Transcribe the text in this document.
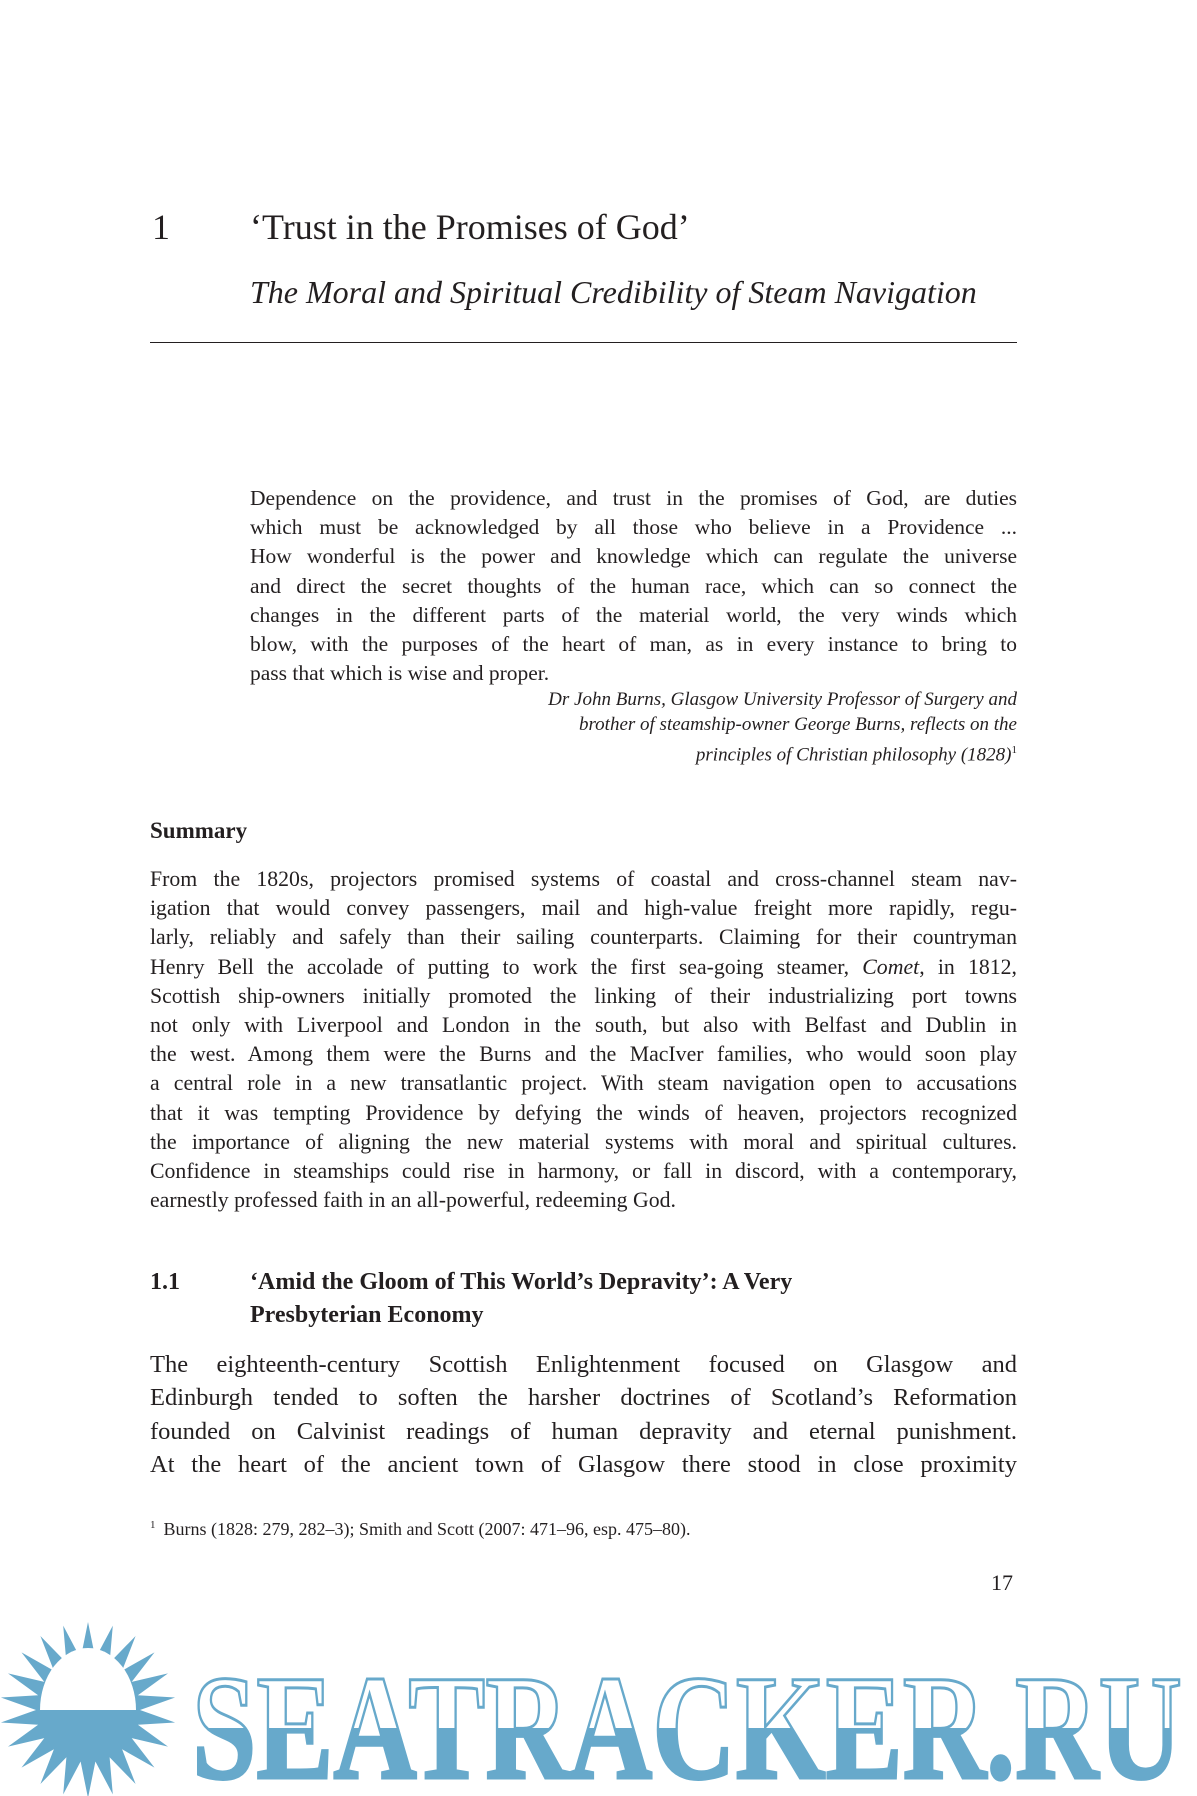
1 ‘Trust in the Promises of God’
The Moral and Spiritual Credibility of Steam Navigation
Dependence on the providence, and trust in the promises of God, are duties
which must be acknowledged by all those who believe in a Providence ...
How wonderful is the power and knowledge which can regulate the universe
and direct the secret thoughts of the human race, which can so connect the
changes in the different parts of the material world, the very winds which
blow, with the purposes of the heart of man, as in every instance to bring to
pass that which is wise and proper.
Dr John Burns, Glasgow University Professor of Surgery and
brother of steamship-owner George Burns, reflects on the
principles of Christian philosophy $(1828)^1$
Summary
From the 1820s, projectors promised systems of coastal and cross-channel steam nav-
igation that would convey passengers, mail and high-value freight more rapidly, regu-
larly, reliably and safely than their sailing counterparts. Claiming for their countryman
Henry Bell the accolade of putting to work the first sea-going steamer, Comet, in 1812,
Scottish ship-owners initially promoted the linking of their industrializing port towns
not only with Liverpool and London in the south, but also with Belfast and Dublin in
the west. Among them were the Burns and the MacIver families, who would soon play
a central role in a new transatlantic project. With steam navigation open to accusations
that it was tempting Providence by defying the winds of heaven, projectors recognized
the importance of aligning the new material systems with moral and spiritual cultures.
Confidence in steamships could rise in harmony, or fall in discord, with a contemporary,
earnestly professed faith in an all-powerful, redeeming God.
1.1	‘Amid the Gloom of This World’s Depravity’: A Very
Presbyterian Economy
The eighteenth-century Scottish Enlightenment focused on Glasgow and
Edinburgh tended to soften the harsher doctrines of Scotland’s Reformation
founded on Calvinist readings of human depravity and eternal punishment.
At the heart of the ancient town of Glasgow there stood in close proximity
$^1$ Burns (1828: 279, 282–3); Smith and Scott (2007: 471–96, esp. 475–80).
17
SEATRACKER.RU
